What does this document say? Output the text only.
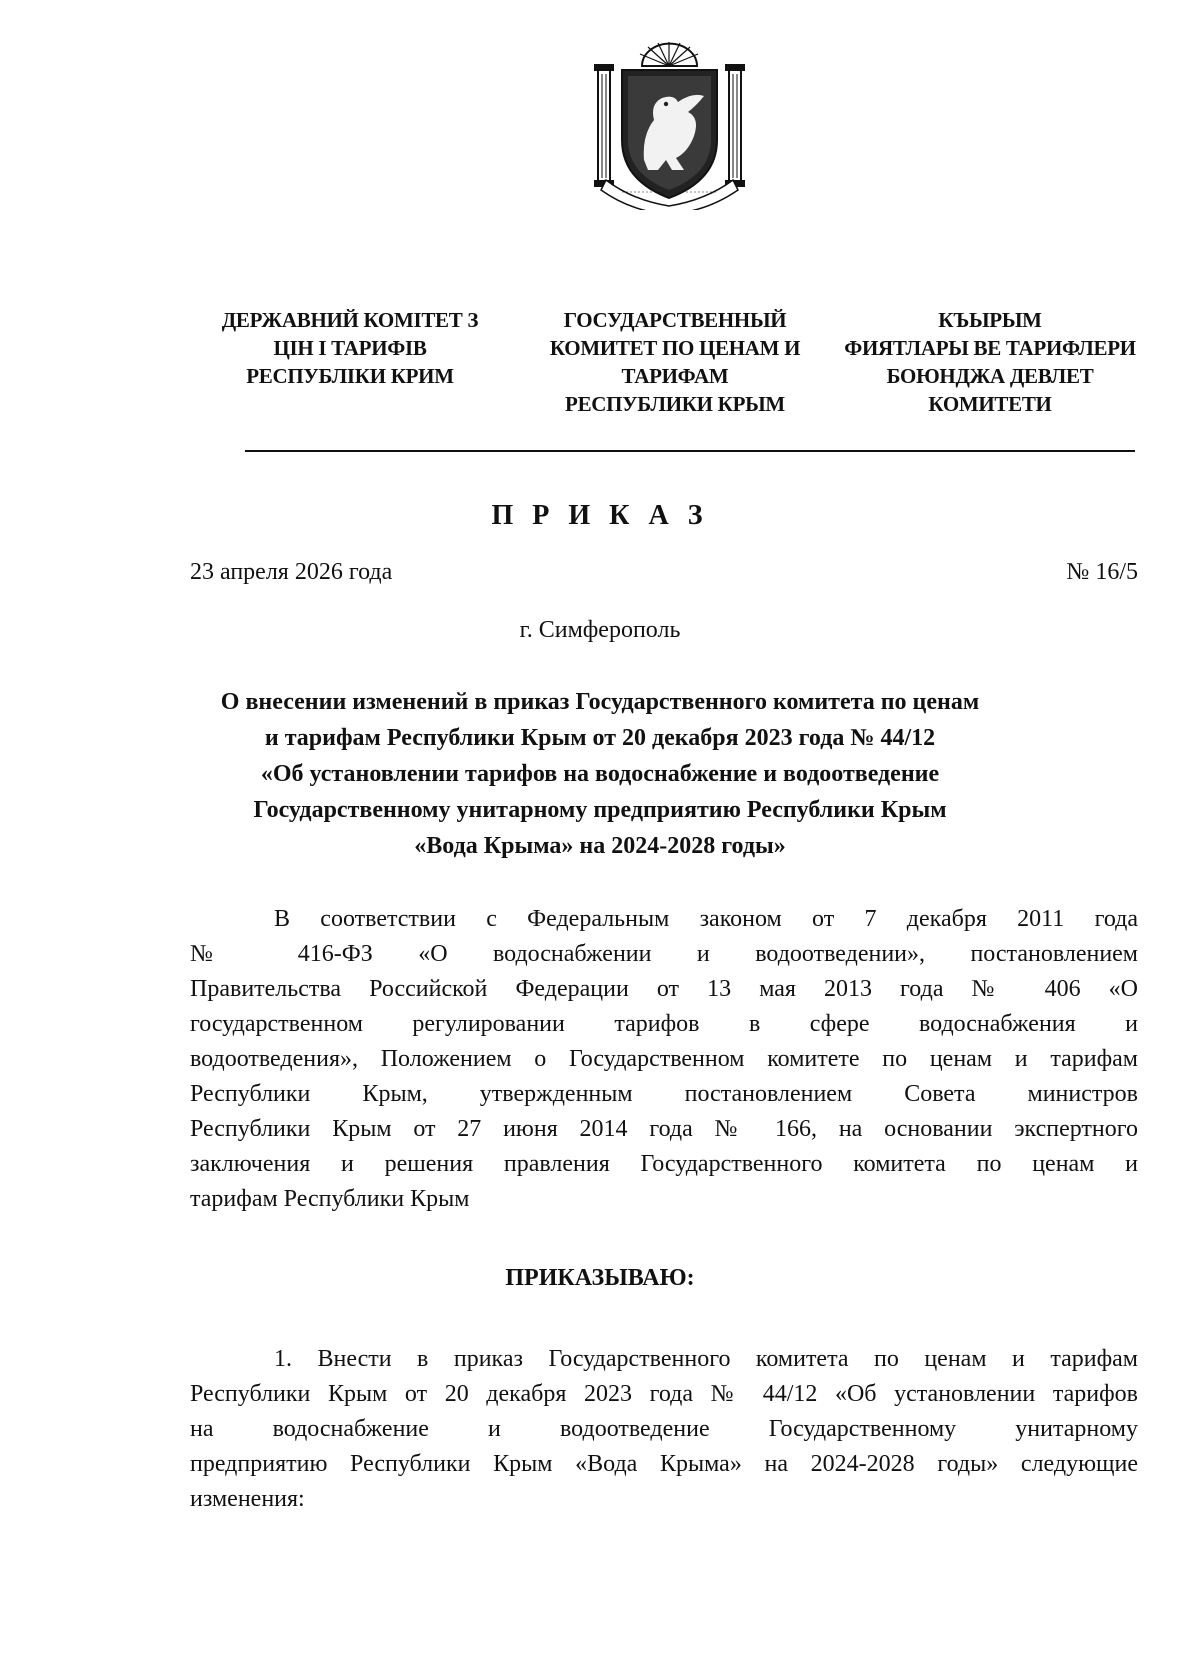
ДЕРЖАВНИЙ КОМІТЕТ З
ЦІН І ТАРИФІВ
РЕСПУБЛІКИ КРИМ
ГОСУДАРСТВЕННЫЙ
КОМИТЕТ ПО ЦЕНАМ И
ТАРИФАМ
РЕСПУБЛИКИ КРЫМ
КЪЫРЫМ
ФИЯТЛАРЫ ВЕ ТАРИФЛЕРИ
БОЮНДЖА ДЕВЛЕТ
КОМИТЕТИ
П Р И К А З
23 апреля 2026 года	№ 16/5
г. Симферополь
О внесении изменений в приказ Государственного комитета по ценам
и тарифам Республики Крым от 20 декабря 2023 года № 44/12
«Об установлении тарифов на водоснабжение и водоотведение
Государственному унитарному предприятию Республики Крым
«Вода Крыма» на 2024-2028 годы»
В соответствии с Федеральным законом от 7 декабря 2011 года
№ 416-ФЗ «О водоснабжении и водоотведении», постановлением
Правительства Российской Федерации от 13 мая 2013 года № 406 «О
государственном регулировании тарифов в сфере водоснабжения и
водоотведения», Положением о Государственном комитете по ценам и тарифам
Республики Крым, утвержденным постановлением Совета министров
Республики Крым от 27 июня 2014 года № 166, на основании экспертного
заключения и решения правления Государственного комитета по ценам и
тарифам Республики Крым
ПРИКАЗЫВАЮ:
1. Внести в приказ Государственного комитета по ценам и тарифам
Республики Крым от 20 декабря 2023 года № 44/12 «Об установлении тарифов
на водоснабжение и водоотведение Государственному унитарному
предприятию Республики Крым «Вода Крыма» на 2024-2028 годы» следующие
изменения:
